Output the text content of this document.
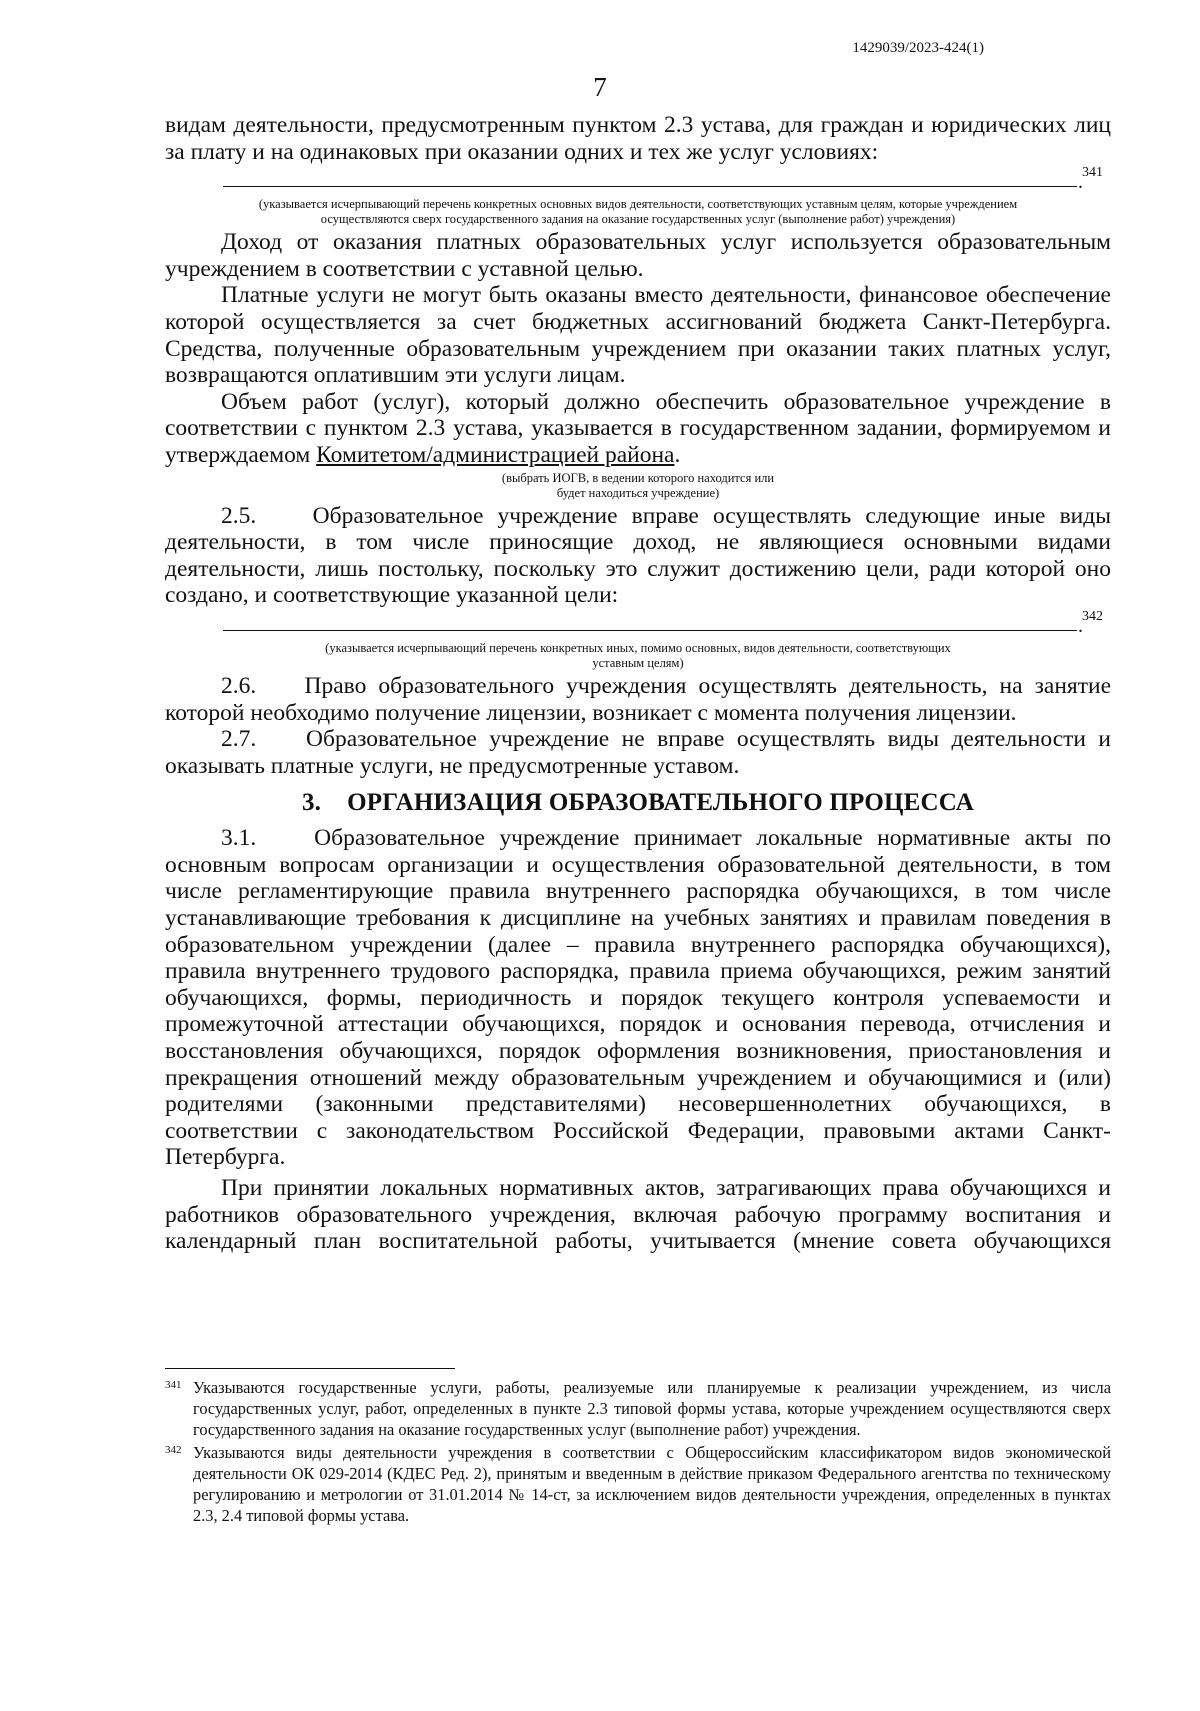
1429039/2023-424(1)
7

видам деятельности, предусмотренным пунктом 2.3 устава, для граждан и юридических лиц за плату и на одинаковых при оказании одних и тех же услуг условиях:

341
.
(указывается исчерпывающий перечень конкретных основных видов деятельности, соответствующих уставным целям, которые учреждением осуществляются сверх государственного задания на оказание государственных услуг (выполнение работ) учреждения)

Доход от оказания платных образовательных услуг используется образовательным учреждением в соответствии с уставной целью.

Платные услуги не могут быть оказаны вместо деятельности, финансовое обеспечение которой осуществляется за счет бюджетных ассигнований бюджета Санкт-Петербурга. Средства, полученные образовательным учреждением при оказании таких платных услуг, возвращаются оплатившим эти услуги лицам.

Объем работ (услуг), который должно обеспечить образовательное учреждение в соответствии с пунктом 2.3 устава, указывается в государственном задании, формируемом и утверждаемом Комитетом/администрацией района.

(выбрать ИОГВ, в ведении которого находится или будет находиться учреждение)

2.5. Образовательное учреждение вправе осуществлять следующие иные виды деятельности, в том числе приносящие доход, не являющиеся основными видами деятельности, лишь постольку, поскольку это служит достижению цели, ради которой оно создано, и соответствующие указанной цели:

342
.
(указывается исчерпывающий перечень конкретных иных, помимо основных, видов деятельности, соответствующих уставным целям)

2.6. Право образовательного учреждения осуществлять деятельность, на занятие которой необходимо получение лицензии, возникает с момента получения лицензии.

2.7. Образовательное учреждение не вправе осуществлять виды деятельности и оказывать платные услуги, не предусмотренные уставом.

3. ОРГАНИЗАЦИЯ ОБРАЗОВАТЕЛЬНОГО ПРОЦЕССА

3.1. Образовательное учреждение принимает локальные нормативные акты по основным вопросам организации и осуществления образовательной деятельности, в том числе регламентирующие правила внутреннего распорядка обучающихся, в том числе устанавливающие требования к дисциплине на учебных занятиях и правилам поведения в образовательном учреждении (далее – правила внутреннего распорядка обучающихся), правила внутреннего трудового распорядка, правила приема обучающихся, режим занятий обучающихся, формы, периодичность и порядок текущего контроля успеваемости и промежуточной аттестации обучающихся, порядок и основания перевода, отчисления и восстановления обучающихся, порядок оформления возникновения, приостановления и прекращения отношений между образовательным учреждением и обучающимися и (или) родителями (законными представителями) несовершеннолетних обучающихся, в соответствии с законодательством Российской Федерации, правовыми актами Санкт-Петербурга.

При принятии локальных нормативных актов, затрагивающих права обучающихся и работников образовательного учреждения, включая рабочую программу воспитания и календарный план воспитательной работы, учитывается (мнение совета обучающихся

341 Указываются государственные услуги, работы, реализуемые или планируемые к реализации учреждением, из числа государственных услуг, работ, определенных в пункте 2.3 типовой формы устава, которые учреждением осуществляются сверх государственного задания на оказание государственных услуг (выполнение работ) учреждения.
342 Указываются виды деятельности учреждения в соответствии с Общероссийским классификатором видов экономической деятельности ОК 029-2014 (КДЕС Ред. 2), принятым и введенным в действие приказом Федерального агентства по техническому регулированию и метрологии от 31.01.2014 № 14-ст, за исключением видов деятельности учреждения, определенных в пунктах 2.3, 2.4 типовой формы устава.
